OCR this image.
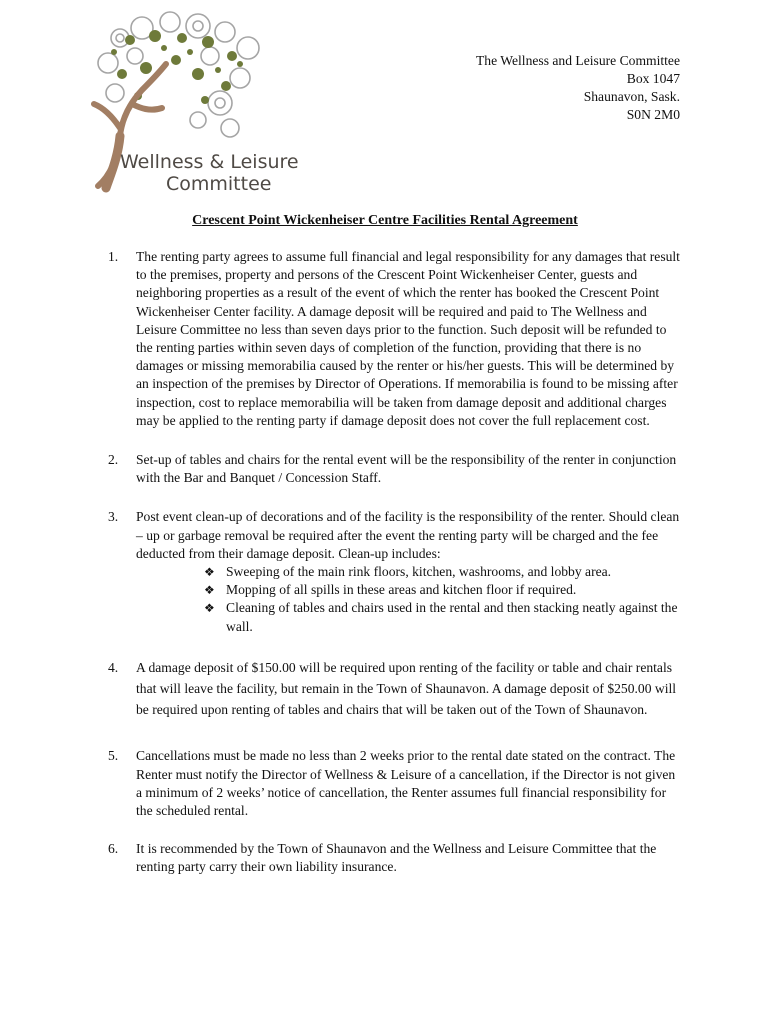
Wellness & Leisure
Committee
The Wellness and Leisure Committee
Box 1047
Shaunavon, Sask.
S0N 2M0
Crescent Point Wickenheiser Centre Facilities Rental Agreement
1. The renting party agrees to assume full financial and legal responsibility for any damages that result to the premises, property and persons of the Crescent Point Wickenheiser Center, guests and neighboring properties as a result of the event of which the renter has booked the Crescent Point Wickenheiser Center facility. A damage deposit will be required and paid to The Wellness and Leisure Committee no less than seven days prior to the function. Such deposit will be refunded to the renting parties within seven days of completion of the function, providing that there is no damages or missing memorabilia caused by the renter or his/her guests. This will be determined by an inspection of the premises by Director of Operations. If memorabilia is found to be missing after inspection, cost to replace memorabilia will be taken from damage deposit and additional charges may be applied to the renting party if damage deposit does not cover the full replacement cost.
2. Set-up of tables and chairs for the rental event will be the responsibility of the renter in conjunction with the Bar and Banquet / Concession Staff.
3. Post event clean-up of decorations and of the facility is the responsibility of the renter. Should clean – up or garbage removal be required after the event the renting party will be charged and the fee deducted from their damage deposit. Clean-up includes:
❖ Sweeping of the main rink floors, kitchen, washrooms, and lobby area.
❖ Mopping of all spills in these areas and kitchen floor if required.
❖ Cleaning of tables and chairs used in the rental and then stacking neatly against the wall.
4. A damage deposit of $150.00 will be required upon renting of the facility or table and chair rentals that will leave the facility, but remain in the Town of Shaunavon. A damage deposit of $250.00 will be required upon renting of tables and chairs that will be taken out of the Town of Shaunavon.
5. Cancellations must be made no less than 2 weeks prior to the rental date stated on the contract. The Renter must notify the Director of Wellness & Leisure of a cancellation, if the Director is not given a minimum of 2 weeks’ notice of cancellation, the Renter assumes full financial responsibility for the scheduled rental.
6. It is recommended by the Town of Shaunavon and the Wellness and Leisure Committee that the renting party carry their own liability insurance.
